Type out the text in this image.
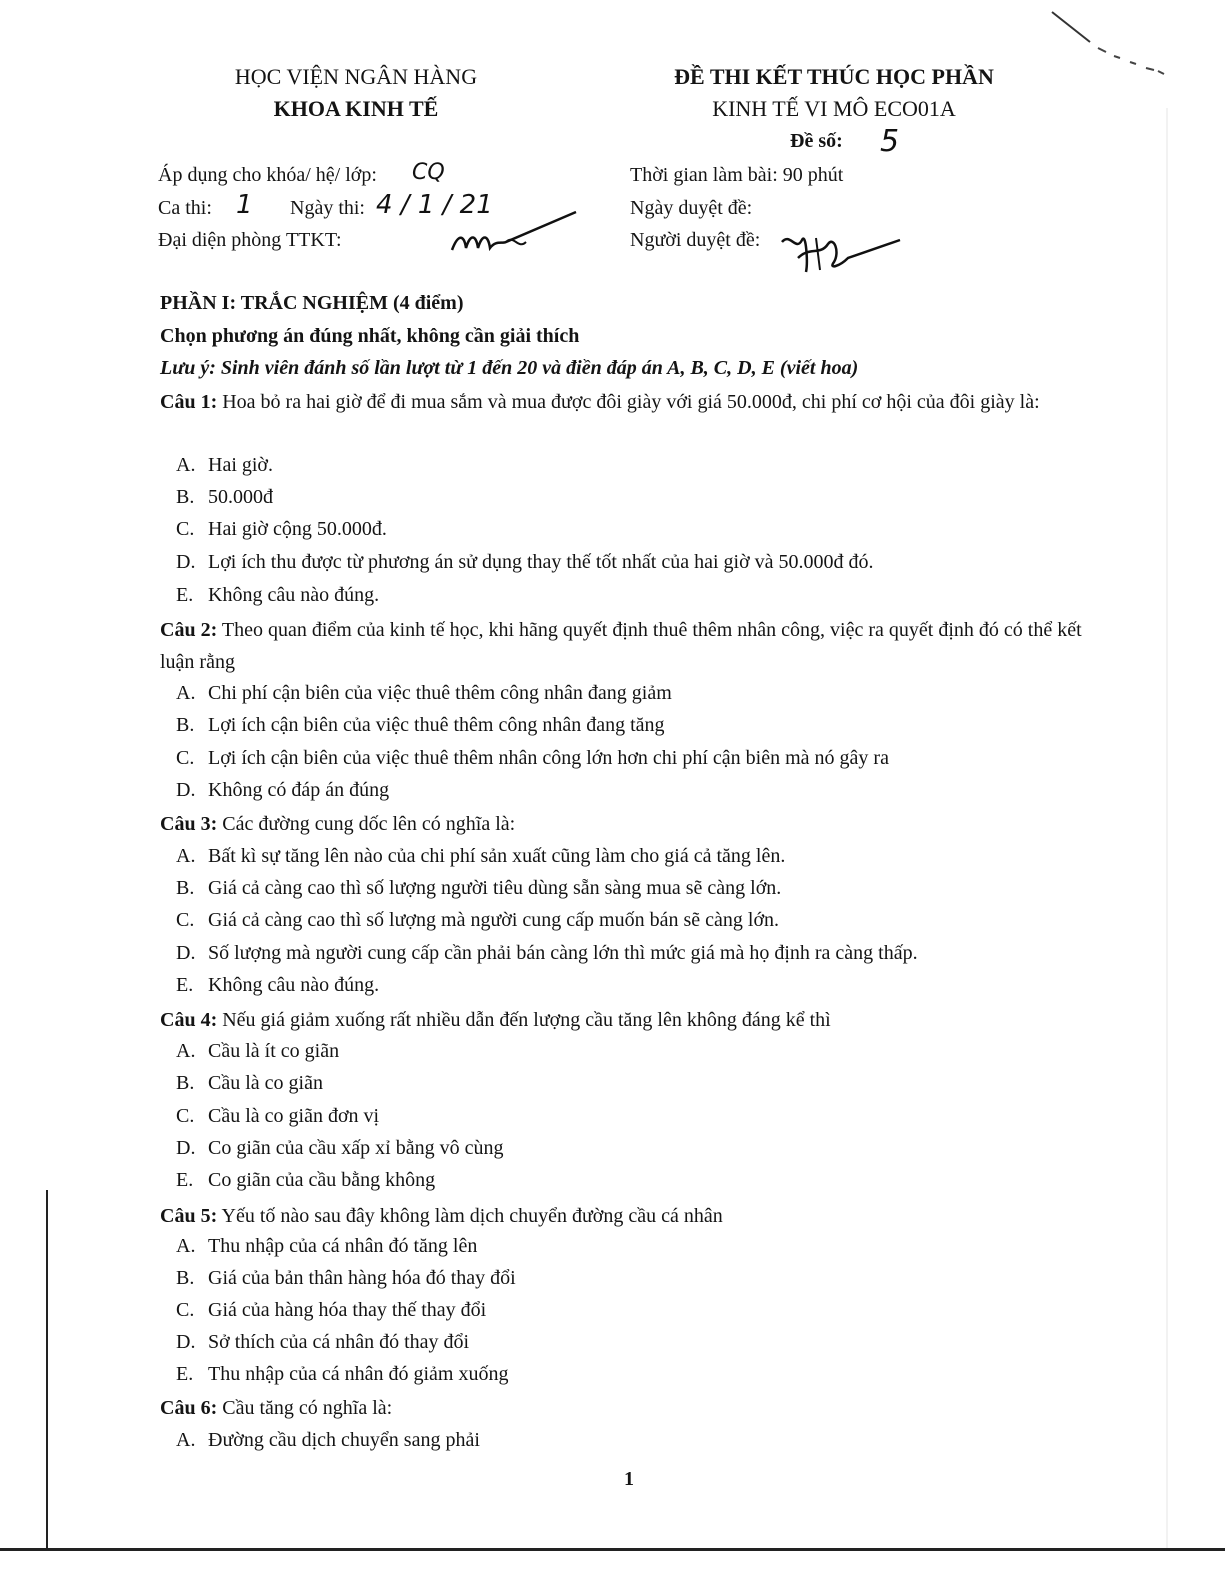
HỌC VIỆN NGÂN HÀNG
KHOA KINH TẾ
ĐỀ THI KẾT THÚC HỌC PHẦN
KINH TẾ VI MÔ ECO01A
Đề số: 5
Áp dụng cho khóa/ hệ/ lớp: CQ
Ca thi: 1 Ngày thi: 4 / 1 / 21
Đại diện phòng TTKT:
Thời gian làm bài: 90 phút
Ngày duyệt đề:
Người duyệt đề:
PHẦN I: TRẮC NGHIỆM (4 điểm)
Chọn phương án đúng nhất, không cần giải thích
Lưu ý: Sinh viên đánh số lần lượt từ 1 đến 20 và điền đáp án A, B, C, D, E (viết hoa)
Câu 1: Hoa bỏ ra hai giờ để đi mua sắm và mua được đôi giày với giá 50.000đ, chi phí cơ hội của đôi giày là:
A. Hai giờ.
B. 50.000đ
C. Hai giờ cộng 50.000đ.
D. Lợi ích thu được từ phương án sử dụng thay thế tốt nhất của hai giờ và 50.000đ đó.
E. Không câu nào đúng.
Câu 2: Theo quan điểm của kinh tế học, khi hãng quyết định thuê thêm nhân công, việc ra quyết định đó có thể kết luận rằng
A. Chi phí cận biên của việc thuê thêm công nhân đang giảm
B. Lợi ích cận biên của việc thuê thêm công nhân đang tăng
C. Lợi ích cận biên của việc thuê thêm nhân công lớn hơn chi phí cận biên mà nó gây ra
D. Không có đáp án đúng
Câu 3: Các đường cung dốc lên có nghĩa là:
A. Bất kì sự tăng lên nào của chi phí sản xuất cũng làm cho giá cả tăng lên.
B. Giá cả càng cao thì số lượng người tiêu dùng sẵn sàng mua sẽ càng lớn.
C. Giá cả càng cao thì số lượng mà người cung cấp muốn bán sẽ càng lớn.
D. Số lượng mà người cung cấp cần phải bán càng lớn thì mức giá mà họ định ra càng thấp.
E. Không câu nào đúng.
Câu 4: Nếu giá giảm xuống rất nhiều dẫn đến lượng cầu tăng lên không đáng kể thì
A. Cầu là ít co giãn
B. Cầu là co giãn
C. Cầu là co giãn đơn vị
D. Co giãn của cầu xấp xỉ bằng vô cùng
E. Co giãn của cầu bằng không
Câu 5: Yếu tố nào sau đây không làm dịch chuyển đường cầu cá nhân
A. Thu nhập của cá nhân đó tăng lên
B. Giá của bản thân hàng hóa đó thay đổi
C. Giá của hàng hóa thay thế thay đổi
D. Sở thích của cá nhân đó thay đổi
E. Thu nhập của cá nhân đó giảm xuống
Câu 6: Cầu tăng có nghĩa là:
A. Đường cầu dịch chuyển sang phải
1
